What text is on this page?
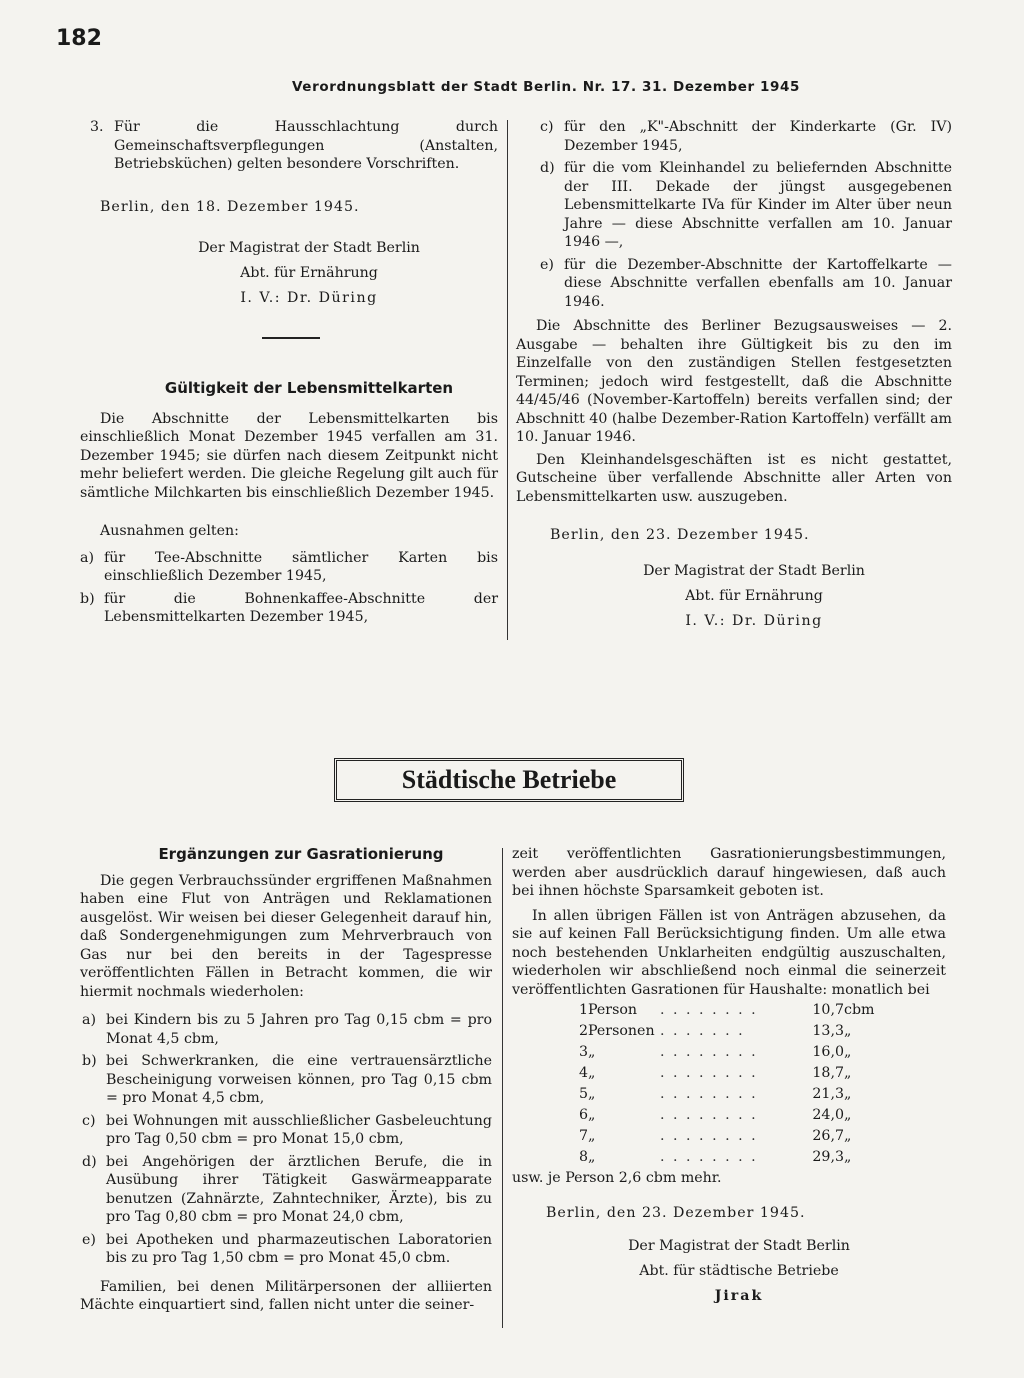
182
Verordnungsblatt der Stadt Berlin. Nr. 17. 31. Dezember 1945
3. Für die Hausschlachtung durch Gemeinschaftsverpflegungen (Anstalten, Betriebsküchen) gelten besondere Vorschriften.

Berlin, den 18. Dezember 1945.

Der Magistrat der Stadt Berlin

Abt. für Ernährung

I. V.: Dr. Düring

Gültigkeit der Lebensmittelkarten

Die Abschnitte der Lebensmittelkarten bis einschließlich Monat Dezember 1945 verfallen am 31. Dezember 1945; sie dürfen nach diesem Zeitpunkt nicht mehr beliefert werden. Die gleiche Regelung gilt auch für sämtliche Milchkarten bis einschließlich Dezember 1945.

Ausnahmen gelten:

a) für Tee-Abschnitte sämtlicher Karten bis einschließlich Dezember 1945,
b) für die Bohnenkaffee-Abschnitte der Lebensmittelkarten Dezember 1945,
c) für den „K"-Abschnitt der Kinderkarte (Gr. IV) Dezember 1945,
d) für die vom Kleinhandel zu beliefernden Abschnitte der III. Dekade der jüngst ausgegebenen Lebensmittelkarte IVa für Kinder im Alter über neun Jahre — diese Abschnitte verfallen am 10. Januar 1946 —,
e) für die Dezember-Abschnitte der Kartoffelkarte — diese Abschnitte verfallen ebenfalls am 10. Januar 1946.

Die Abschnitte des Berliner Bezugsausweises — 2. Ausgabe — behalten ihre Gültigkeit bis zu den im Einzelfalle von den zuständigen Stellen festgesetzten Terminen; jedoch wird festgestellt, daß die Abschnitte 44/45/46 (November-Kartoffeln) bereits verfallen sind; der Abschnitt 40 (halbe Dezember-Ration Kartoffeln) verfällt am 10. Januar 1946.

Den Kleinhandelsgeschäften ist es nicht gestattet, Gutscheine über verfallende Abschnitte aller Arten von Lebensmittelkarten usw. auszugeben.

Berlin, den 23. Dezember 1945.

Der Magistrat der Stadt Berlin

Abt. für Ernährung

I. V.: Dr. Düring

Städtische Betriebe

Ergänzungen zur Gasrationierung

Die gegen Verbrauchssünder ergriffenen Maßnahmen haben eine Flut von Anträgen und Reklamationen ausgelöst. Wir weisen bei dieser Gelegenheit darauf hin, daß Sondergenehmigungen zum Mehrverbrauch von Gas nur bei den bereits in der Tagespresse veröffentlichten Fällen in Betracht kommen, die wir hiermit nochmals wiederholen:

a) bei Kindern bis zu 5 Jahren pro Tag 0,15 cbm = pro Monat 4,5 cbm,
b) bei Schwerkranken, die eine vertrauensärztliche Bescheinigung vorweisen können, pro Tag 0,15 cbm = pro Monat 4,5 cbm,
c) bei Wohnungen mit ausschließlicher Gasbeleuchtung pro Tag 0,50 cbm = pro Monat 15,0 cbm,
d) bei Angehörigen der ärztlichen Berufe, die in Ausübung ihrer Tätigkeit Gaswärmeapparate benutzen (Zahnärzte, Zahntechniker, Ärzte), bis zu pro Tag 0,80 cbm = pro Monat 24,0 cbm,
e) bei Apotheken und pharmazeutischen Laboratorien bis zu pro Tag 1,50 cbm = pro Monat 45,0 cbm.

Familien, bei denen Militärpersonen der alliierten Mächte einquartiert sind, fallen nicht unter die seiner-

zeit veröffentlichten Gasrationierungsbestimmungen, werden aber ausdrücklich darauf hingewiesen, daß auch bei ihnen höchste Sparsamkeit geboten ist.

In allen übrigen Fällen ist von Anträgen abzusehen, da sie auf keinen Fall Berücksichtigung finden. Um alle etwa noch bestehenden Unklarheiten endgültig auszuschalten, wiederholen wir abschließend noch einmal die seinerzeit veröffentlichten Gasrationen für Haushalte: monatlich bei

1	Person	. . . . . . . .	10,7	cbm
2	Personen	. . . . . . .	13,3	„
3	„	. . . . . . . .	16,0	„
4	„	. . . . . . . .	18,7	„
5	„	. . . . . . . .	21,3	„
6	„	. . . . . . . .	24,0	„
7	„	. . . . . . . .	26,7	„
8	„	. . . . . . . .	29,3	„

usw. je Person 2,6 cbm mehr.

Berlin, den 23. Dezember 1945.

Der Magistrat der Stadt Berlin

Abt. für städtische Betriebe

Jirak
